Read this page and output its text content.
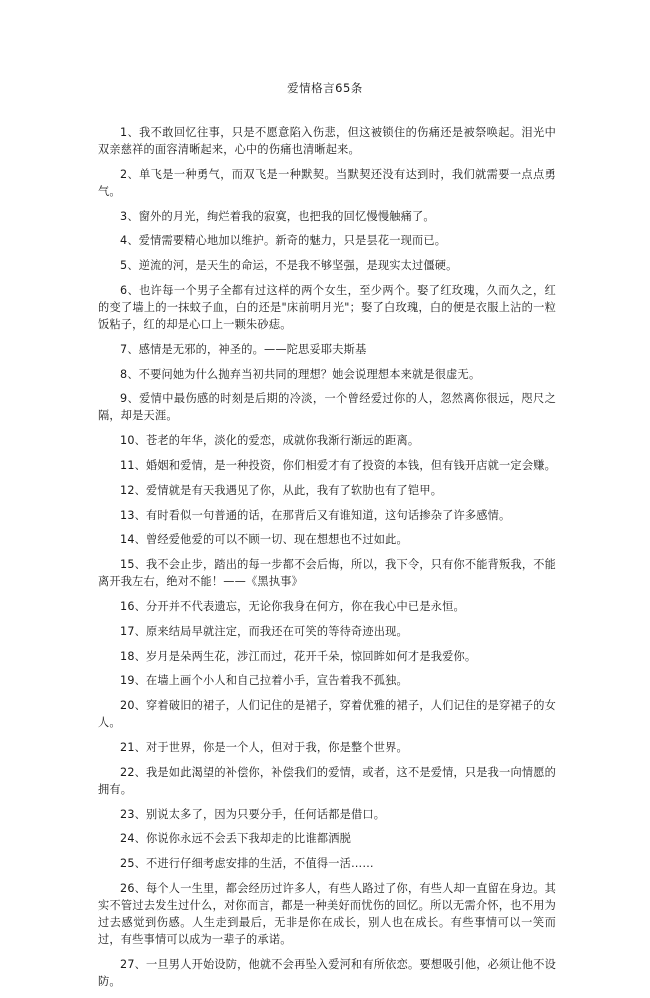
爱情格言65条

1、我不敢回忆往事，只是不愿意陷入伤悲，但这被锁住的伤痛还是被祭唤起。泪光中双亲慈祥的面容清晰起来，心中的伤痛也清晰起来。

2、单飞是一种勇气，而双飞是一种默契。当默契还没有达到时，我们就需要一点点勇气。

3、窗外的月光，绚烂着我的寂寞，也把我的回忆慢慢触痛了。

4、爱情需要精心地加以维护。新奇的魅力，只是昙花一现而已。

5、逆流的河，是天生的命运，不是我不够坚强，是现实太过僵硬。

6、也许每一个男子全都有过这样的两个女生，至少两个。娶了红玫瑰，久而久之，红的变了墙上的一抹蚊子血，白的还是"床前明月光"；娶了白玫瑰，白的便是衣服上沾的一粒饭粘子，红的却是心口上一颗朱砂痣。

7、感情是无邪的，神圣的。——陀思妥耶夫斯基

8、不要问她为什么抛弃当初共同的理想？她会说理想本来就是很虚无。

9、爱情中最伤感的时刻是后期的冷淡，一个曾经爱过你的人，忽然离你很远，咫尺之隔，却是天涯。

10、苍老的年华，淡化的爱恋，成就你我渐行渐远的距离。

11、婚姻和爱情，是一种投资，你们相爱才有了投资的本钱，但有钱开店就一定会赚。

12、爱情就是有天我遇见了你，从此，我有了软肋也有了铠甲。

13、有时看似一句普通的话，在那背后又有谁知道，这句话掺杂了许多感情。

14、曾经爱他爱的可以不顾一切、现在想想也不过如此。

15、我不会止步，踏出的每一步都不会后悔，所以，我下令，只有你不能背叛我，不能离开我左右，绝对不能！——《黑执事》

16、分开并不代表遗忘，无论你我身在何方，你在我心中已是永恒。

17、原来结局早就注定，而我还在可笑的等待奇迹出现。

18、岁月是朵两生花，涉江而过，花开千朵，惊回眸如何才是我爱你。

19、在墙上画个小人和自己拉着小手，宣告着我不孤独。

20、穿着破旧的裙子，人们记住的是裙子，穿着优雅的裙子，人们记住的是穿裙子的女人。

21、对于世界，你是一个人，但对于我，你是整个世界。

22、我是如此渴望的补偿你，补偿我们的爱情，或者，这不是爱情，只是我一向情愿的拥有。

23、别说太多了，因为只要分手，任何话都是借口。

24、你说你永远不会丢下我却走的比谁都洒脱

25、不进行仔细考虑安排的生活，不值得一活……

26、每个人一生里，都会经历过许多人，有些人路过了你，有些人却一直留在身边。其实不管过去发生过什么，对你而言，都是一种美好而忧伤的回忆。所以无需介怀，也不用为过去感觉到伤感。人生走到最后，无非是你在成长，别人也在成长。有些事情可以一笑而过，有些事情可以成为一辈子的承诺。

27、一旦男人开始设防，他就不会再坠入爱河和有所依恋。要想吸引他，必须让他不设防。
